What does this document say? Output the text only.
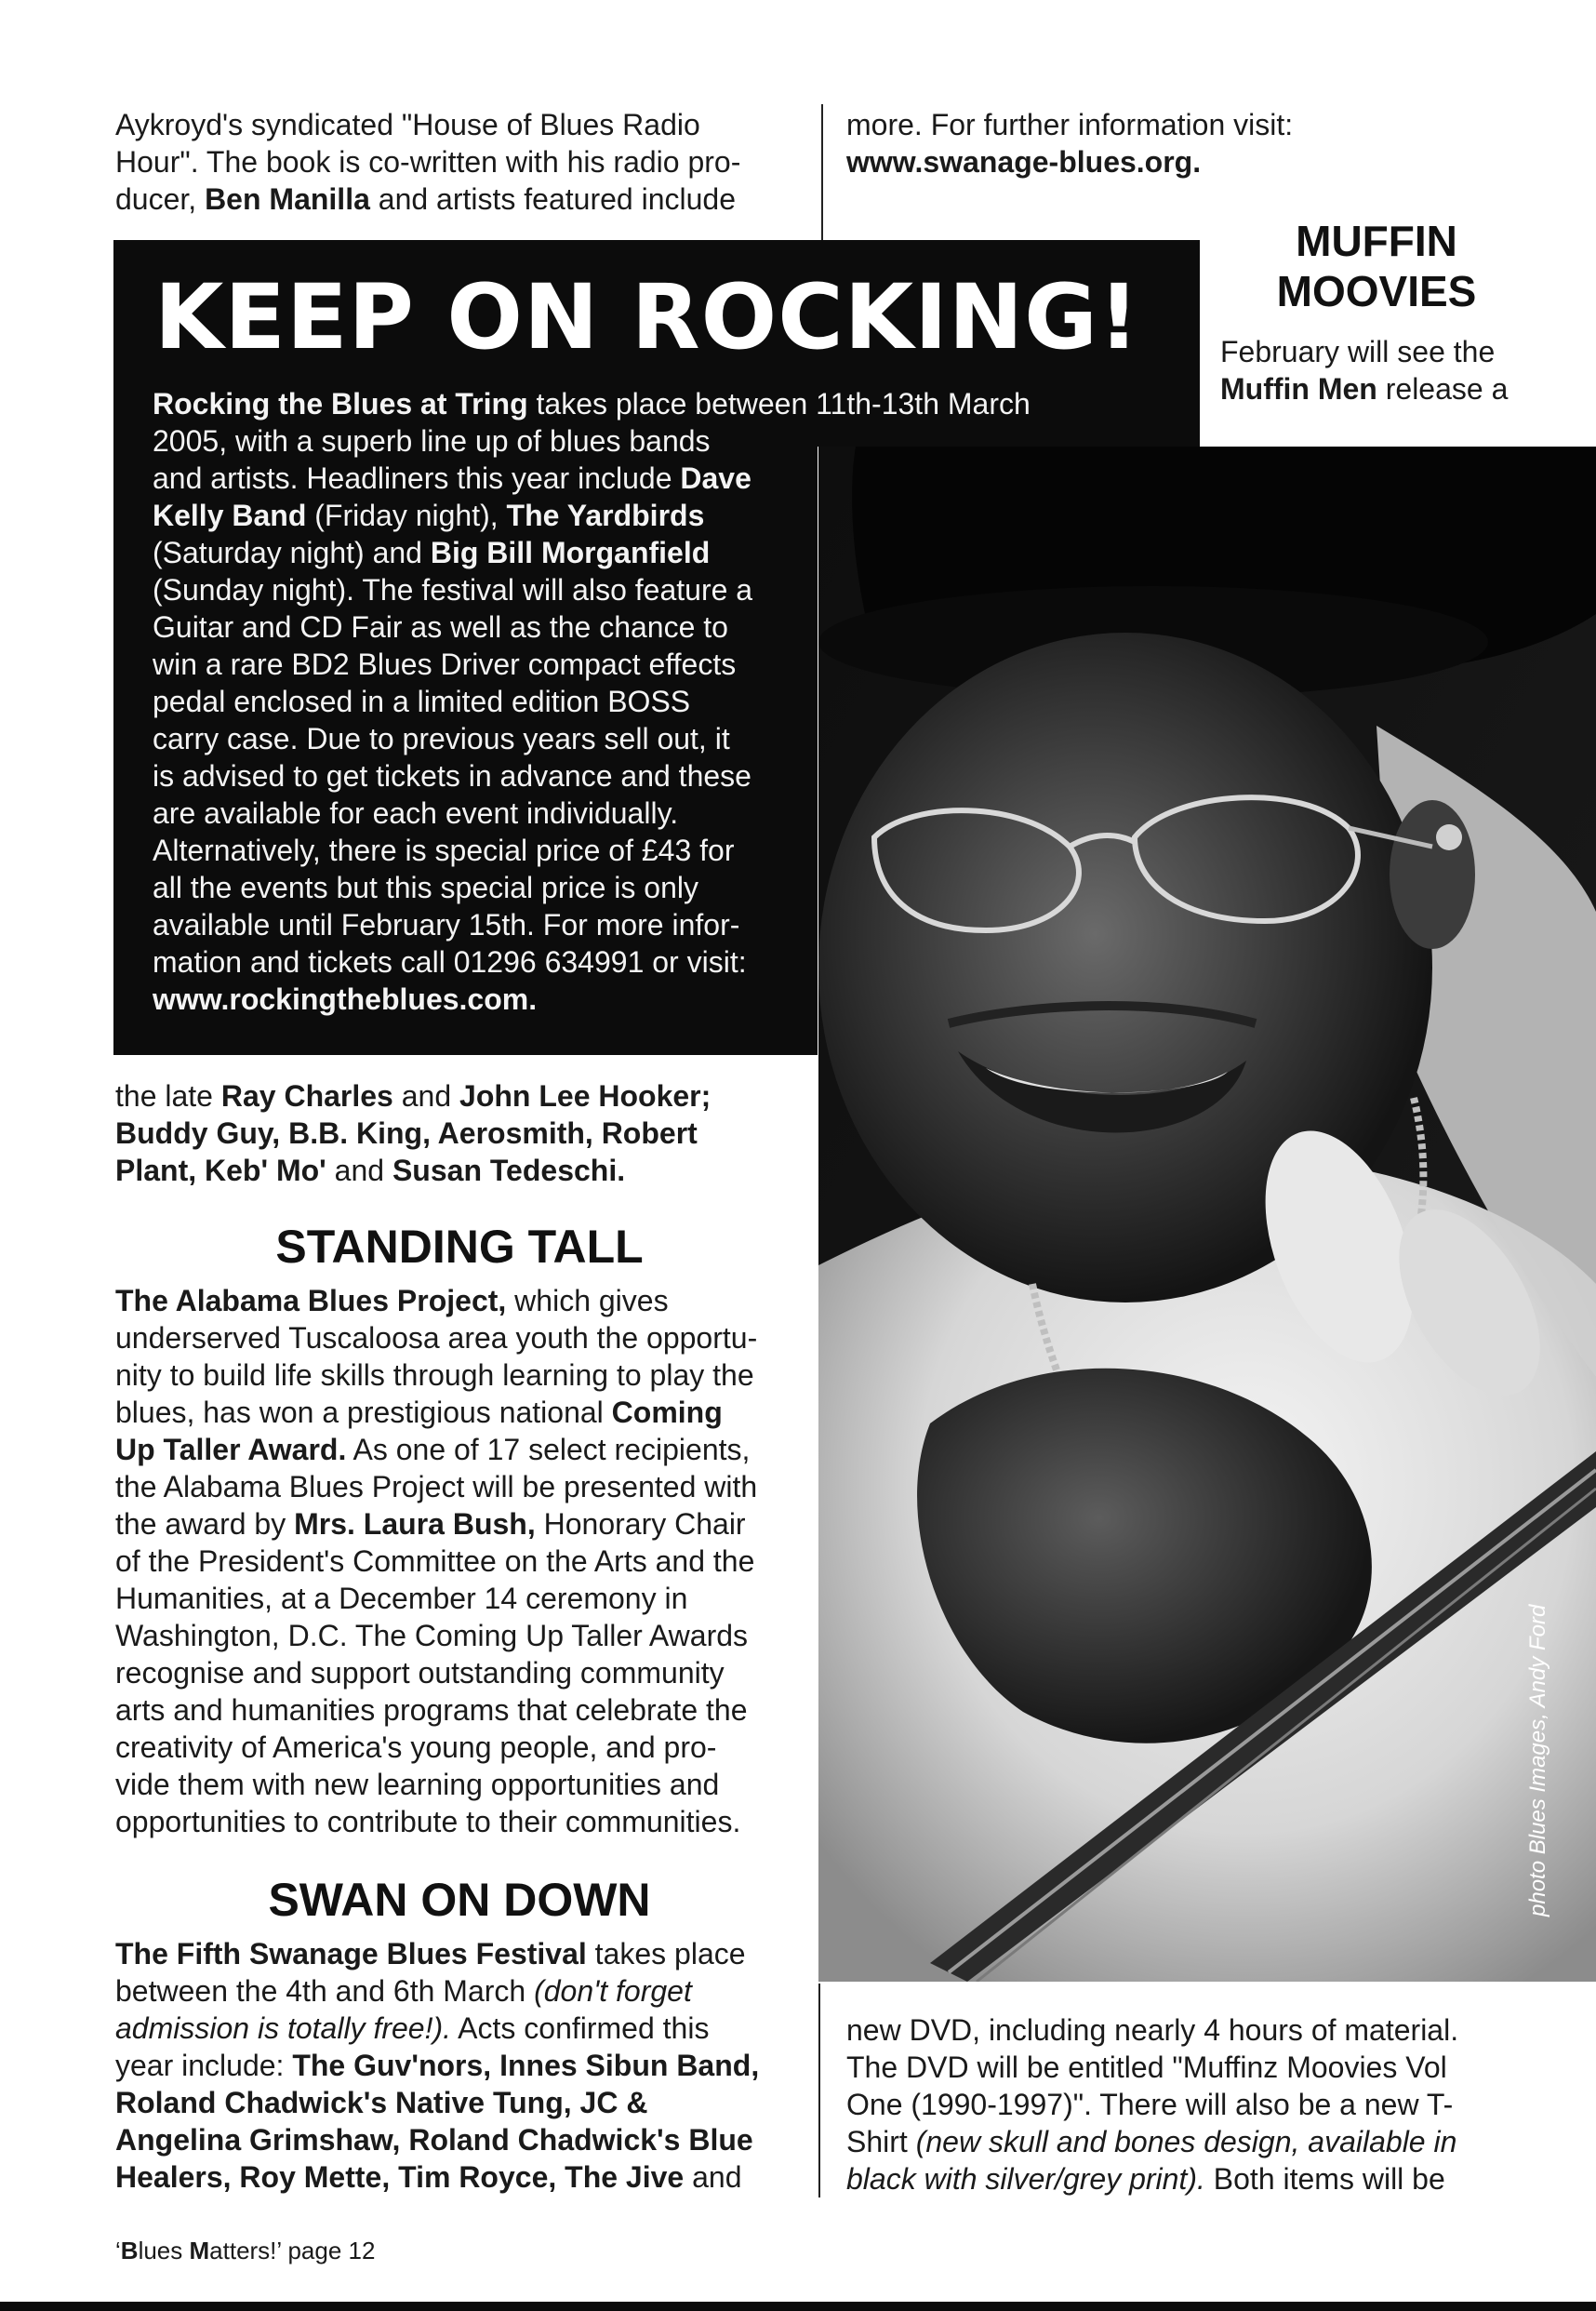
Aykroyd's syndicated "House of Blues Radio
Hour". The book is co-written with his radio pro-
ducer, Ben Manilla and artists featured include
more. For further information visit:
www.swanage-blues.org.
MUFFIN
MOOVIES
February will see the
Muffin Men release a
KEEP ON ROCKING!
Rocking the Blues at Tring takes place between 11th-13th March
2005, with a superb line up of blues bands
and artists. Headliners this year include Dave
Kelly Band (Friday night), The Yardbirds
(Saturday night) and Big Bill Morganfield
(Sunday night). The festival will also feature a
Guitar and CD Fair as well as the chance to
win a rare BD2 Blues Driver compact effects
pedal enclosed in a limited edition BOSS
carry case. Due to previous years sell out, it
is advised to get tickets in advance and these
are available for each event individually.
Alternatively, there is special price of £43 for
all the events but this special price is only
available until February 15th. For more infor-
mation and tickets call 01296 634991 or visit:
www.rockingtheblues.com.
photo Blues Images, Andy Ford
the late Ray Charles and John Lee Hooker;
Buddy Guy, B.B. King, Aerosmith, Robert
Plant, Keb' Mo' and Susan Tedeschi.
STANDING TALL
The Alabama Blues Project, which gives
underserved Tuscaloosa area youth the opportu-
nity to build life skills through learning to play the
blues, has won a prestigious national Coming
Up Taller Award. As one of 17 select recipients,
the Alabama Blues Project will be presented with
the award by Mrs. Laura Bush, Honorary Chair
of the President's Committee on the Arts and the
Humanities, at a December 14 ceremony in
Washington, D.C. The Coming Up Taller Awards
recognise and support outstanding community
arts and humanities programs that celebrate the
creativity of America's young people, and pro-
vide them with new learning opportunities and
opportunities to contribute to their communities.
SWAN ON DOWN
The Fifth Swanage Blues Festival takes place
between the 4th and 6th March (don't forget
admission is totally free!). Acts confirmed this
year include: The Guv'nors, Innes Sibun Band,
Roland Chadwick's Native Tung, JC &
Angelina Grimshaw, Roland Chadwick's Blue
Healers, Roy Mette, Tim Royce, The Jive and
new DVD, including nearly 4 hours of material.
The DVD will be entitled "Muffinz Moovies Vol
One (1990-1997)". There will also be a new T-
Shirt (new skull and bones design, available in
black with silver/grey print). Both items will be
‘Blues Matters!’ page 12
